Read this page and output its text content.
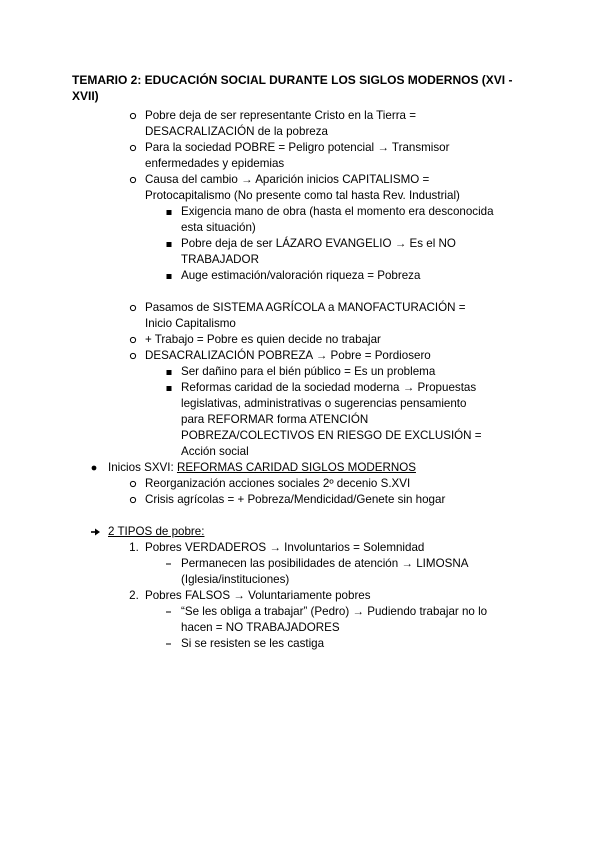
TEMARIO 2: EDUCACIÓN SOCIAL DURANTE LOS SIGLOS MODERNOS (XVI - XVII)
Pobre deja de ser representante Cristo en la Tierra = DESACRALIZACIÓN de la pobreza
Para la sociedad POBRE = Peligro potencial → Transmisor enfermedades y epidemias
Causa del cambio → Aparición inicios CAPITALISMO = Protocapitalismo (No presente como tal hasta Rev. Industrial)
Exigencia mano de obra (hasta el momento era desconocida esta situación)
Pobre deja de ser LÁZARO EVANGELIO → Es el NO TRABAJADOR
Auge estimación/valoración riqueza = Pobreza
Pasamos de SISTEMA AGRÍCOLA a MANOFACTURACIÓN = Inicio Capitalismo
+ Trabajo = Pobre es quien decide no trabajar
DESACRALIZACIÓN POBREZA → Pobre = Pordiosero
Ser dañino para el bién público = Es un problema
Reformas caridad de la sociedad moderna → Propuestas legislativas, administrativas o sugerencias pensamiento para REFORMAR forma ATENCIÓN POBREZA/COLECTIVOS EN RIESGO DE EXCLUSIÓN = Acción social
Inicios SXVI: REFORMAS CARIDAD SIGLOS MODERNOS
Reorganización acciones sociales 2º decenio S.XVI
Crisis agrícolas = + Pobreza/Mendicidad/Genete sin hogar
2 TIPOS de pobre:
1. Pobres VERDADEROS → Involuntarios = Solemnidad
Permanecen las posibilidades de atención → LIMOSNA (Iglesia/instituciones)
2. Pobres FALSOS → Voluntariamente pobres
“Se les obliga a trabajar” (Pedro) → Pudiendo trabajar no lo hacen = NO TRABAJADORES
Si se resisten se les castiga
